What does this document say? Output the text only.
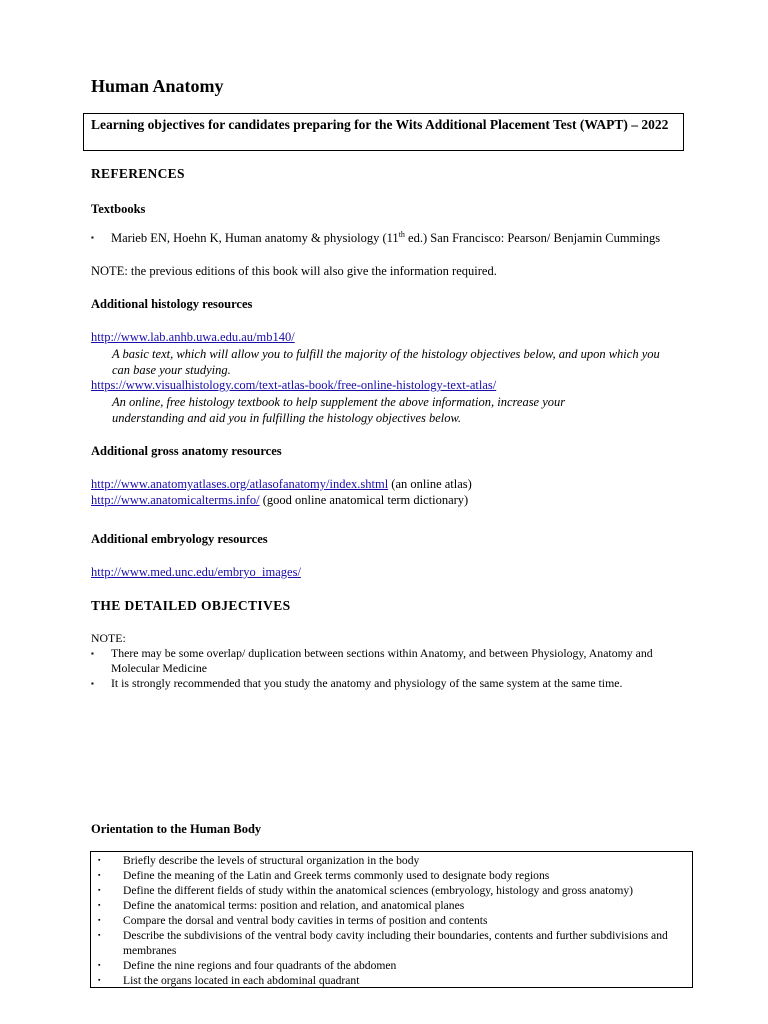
Human Anatomy
Learning objectives for candidates preparing for the Wits Additional Placement Test (WAPT) – 2022
REFERENCES
Textbooks
▪	Marieb EN, Hoehn K, Human anatomy & physiology (11th ed.) San Francisco: Pearson/ Benjamin Cummings
NOTE: the previous editions of this book will also give the information required.
Additional histology resources
http://www.lab.anhb.uwa.edu.au/mb140/
A basic text, which will allow you to fulfill the majority of the histology objectives below, and upon which you can base your studying.
https://www.visualhistology.com/text-atlas-book/free-online-histology-text-atlas/
An online, free histology textbook to help supplement the above information, increase your understanding and aid you in fulfilling the histology objectives below.
Additional gross anatomy resources
http://www.anatomyatlases.org/atlasofanatomy/index.shtml (an online atlas)
http://www.anatomicalterms.info/ (good online anatomical term dictionary)
Additional embryology resources
http://www.med.unc.edu/embryo_images/
THE DETAILED OBJECTIVES
NOTE:
▪	There may be some overlap/ duplication between sections within Anatomy, and between Physiology, Anatomy and Molecular Medicine
▪	It is strongly recommended that you study the anatomy and physiology of the same system at the same time.
Orientation to the Human Body
▪	Briefly describe the levels of structural organization in the body
▪	Define the meaning of the Latin and Greek terms commonly used to designate body regions
▪	Define the different fields of study within the anatomical sciences (embryology, histology and gross anatomy)
▪	Define the anatomical terms: position and relation, and anatomical planes
▪	Compare the dorsal and ventral body cavities in terms of position and contents
▪	Describe the subdivisions of the ventral body cavity including their boundaries, contents and further subdivisions and membranes
▪	Define the nine regions and four quadrants of the abdomen
▪	List the organs located in each abdominal quadrant
